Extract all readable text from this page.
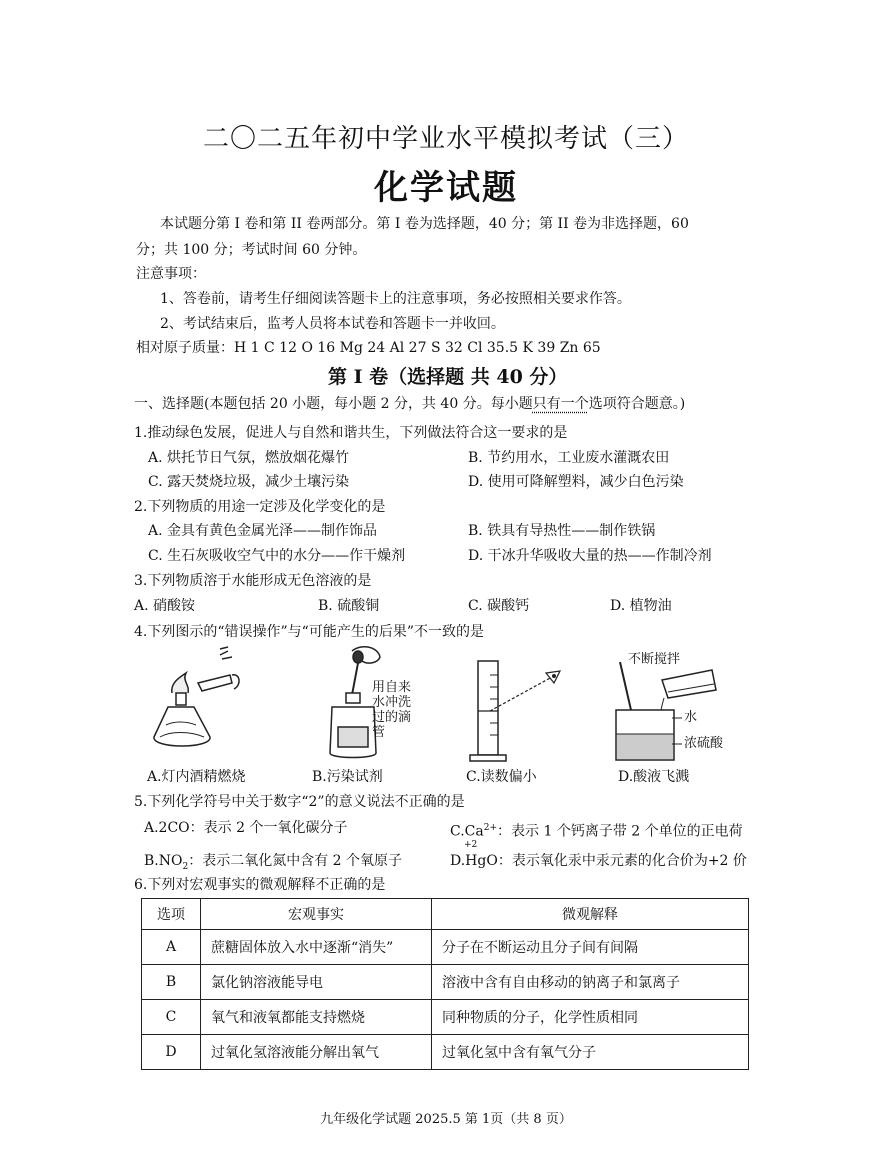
二〇二五年初中学业水平模拟考试（三）
化学试题
本试题分第 I 卷和第 II 卷两部分。第 I 卷为选择题，40 分；第 II 卷为非选择题，60
分；共 100 分；考试时间 60 分钟。
注意事项：
1、答卷前，请考生仔细阅读答题卡上的注意事项，务必按照相关要求作答。
2、考试结束后，监考人员将本试卷和答题卡一并收回。
相对原子质量：H 1 C 12 O 16 Mg 24 Al 27 S 32 Cl 35.5 K 39 Zn 65
第 I 卷（选择题 共 40 分）
一、选择题(本题包括 20 小题，每小题 2 分，共 40 分。每小题只有一个选项符合题意。)
1.推动绿色发展，促进人与自然和谐共生，下列做法符合这一要求的是
A. 烘托节日气氛，燃放烟花爆竹	B. 节约用水，工业废水灌溉农田
C. 露天焚烧垃圾，减少土壤污染	D. 使用可降解塑料，减少白色污染
2.下列物质的用途一定涉及化学变化的是
A. 金具有黄色金属光泽——制作饰品	B. 铁具有导热性——制作铁锅
C. 生石灰吸收空气中的水分——作干燥剂	D. 干冰升华吸收大量的热——作制冷剂
3.下列物质溶于水能形成无色溶液的是
A. 硝酸铵	B. 硫酸铜	C. 碳酸钙	D. 植物油
4.下列图示的“错误操作”与“可能产生的后果”不一致的是
A.灯内酒精燃烧
用自来
水冲洗
过的滴
管
B.污染试剂	C.读数偏小
不断搅拌
水
浓硫酸
D.酸液飞溅
5.下列化学符号中关于数字“2”的意义说法不正确的是
A.2CO：表示 2 个一氧化碳分子	$C.Ca^{2+}$：表示 1 个钙离子带 2 个单位的正电荷
+2
$B.NO_2$：表示二氧化氮中含有 2 个氧原子	D.HgO：表示氧化汞中汞元素的化合价为+2 价
6.下列对宏观事实的微观解释不正确的是
选项	宏观事实	微观解释
A	蔗糖固体放入水中逐渐“消失”	分子在不断运动且分子间有间隔
B	氯化钠溶液能导电	溶液中含有自由移动的钠离子和氯离子
C	氧气和液氧都能支持燃烧	同种物质的分子，化学性质相同
D	过氧化氢溶液能分解出氧气	过氧化氢中含有氧气分子
九年级化学试题 2025.5 第 1页（共 8 页）
